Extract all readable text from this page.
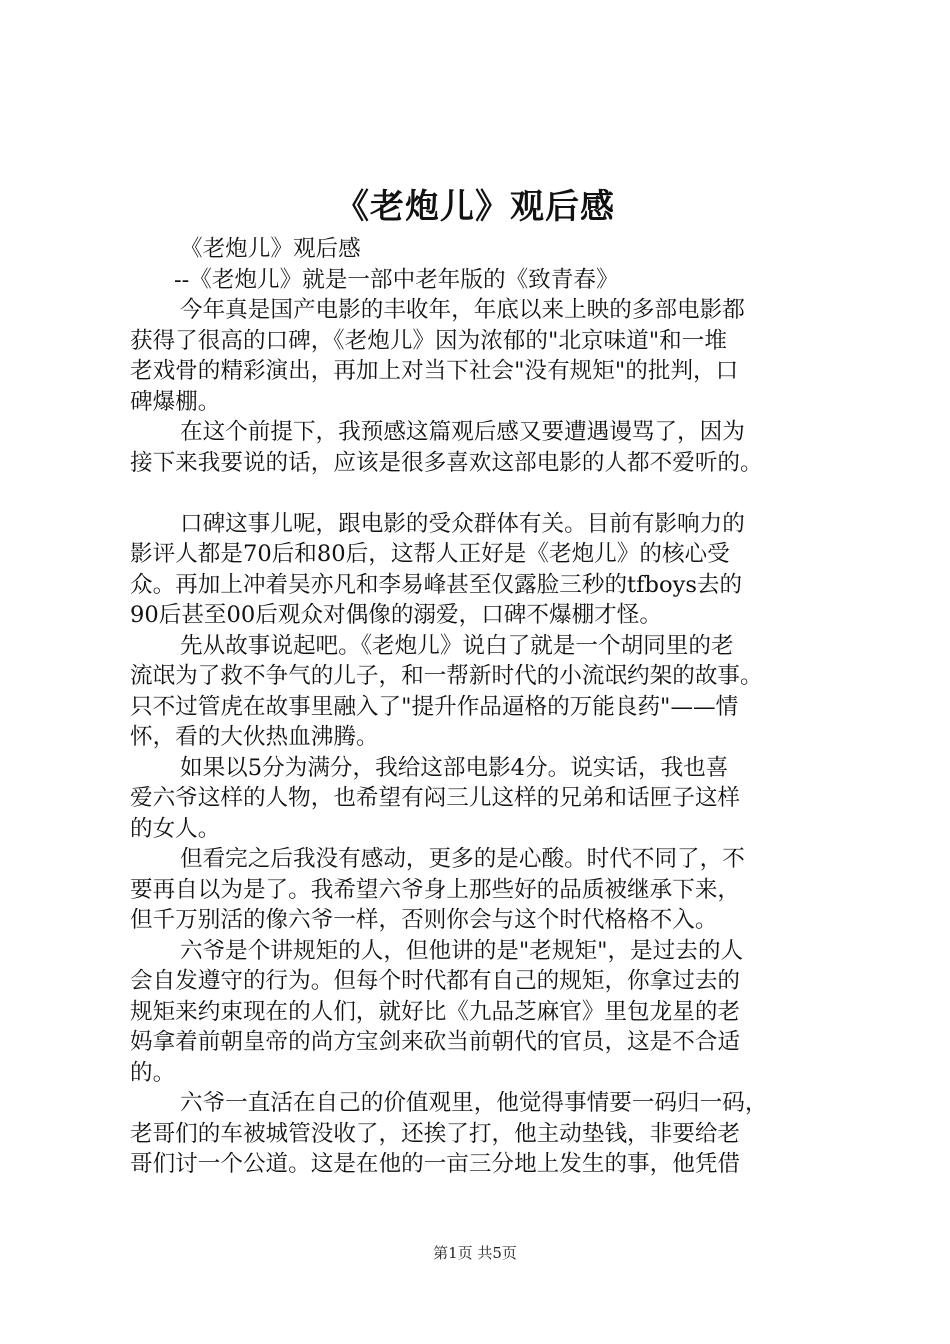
《老炮儿》观后感
《老炮儿》观后感
--《老炮儿》就是一部中老年版的《致青春》
今年真是国产电影的丰收年，年底以来上映的多部电影都
获得了很高的口碑，《老炮儿》因为浓郁的"北京味道"和一堆
老戏骨的精彩演出，再加上对当下社会"没有规矩"的批判，口
碑爆棚。
在这个前提下，我预感这篇观后感又要遭遇谩骂了，因为
接下来我要说的话，应该是很多喜欢这部电影的人都不爱听的。
口碑这事儿呢，跟电影的受众群体有关。目前有影响力的
影评人都是70后和80后，这帮人正好是《老炮儿》的核心受
众。再加上冲着吴亦凡和李易峰甚至仅露脸三秒的tfboys去的
90后甚至00后观众对偶像的溺爱，口碑不爆棚才怪。
先从故事说起吧。《老炮儿》说白了就是一个胡同里的老
流氓为了救不争气的儿子，和一帮新时代的小流氓约架的故事。
只不过管虎在故事里融入了"提升作品逼格的万能良药"——情
怀，看的大伙热血沸腾。
如果以5分为满分，我给这部电影4分。说实话，我也喜
爱六爷这样的人物，也希望有闷三儿这样的兄弟和话匣子这样
的女人。
但看完之后我没有感动，更多的是心酸。时代不同了，不
要再自以为是了。我希望六爷身上那些好的品质被继承下来，
但千万别活的像六爷一样，否则你会与这个时代格格不入。
六爷是个讲规矩的人，但他讲的是"老规矩"，是过去的人
会自发遵守的行为。但每个时代都有自己的规矩，你拿过去的
规矩来约束现在的人们，就好比《九品芝麻官》里包龙星的老
妈拿着前朝皇帝的尚方宝剑来砍当前朝代的官员，这是不合适
的。
六爷一直活在自己的价值观里，他觉得事情要一码归一码，
老哥们的车被城管没收了，还挨了打，他主动垫钱，非要给老
哥们讨一个公道。这是在他的一亩三分地上发生的事，他凭借
第1页 共5页
